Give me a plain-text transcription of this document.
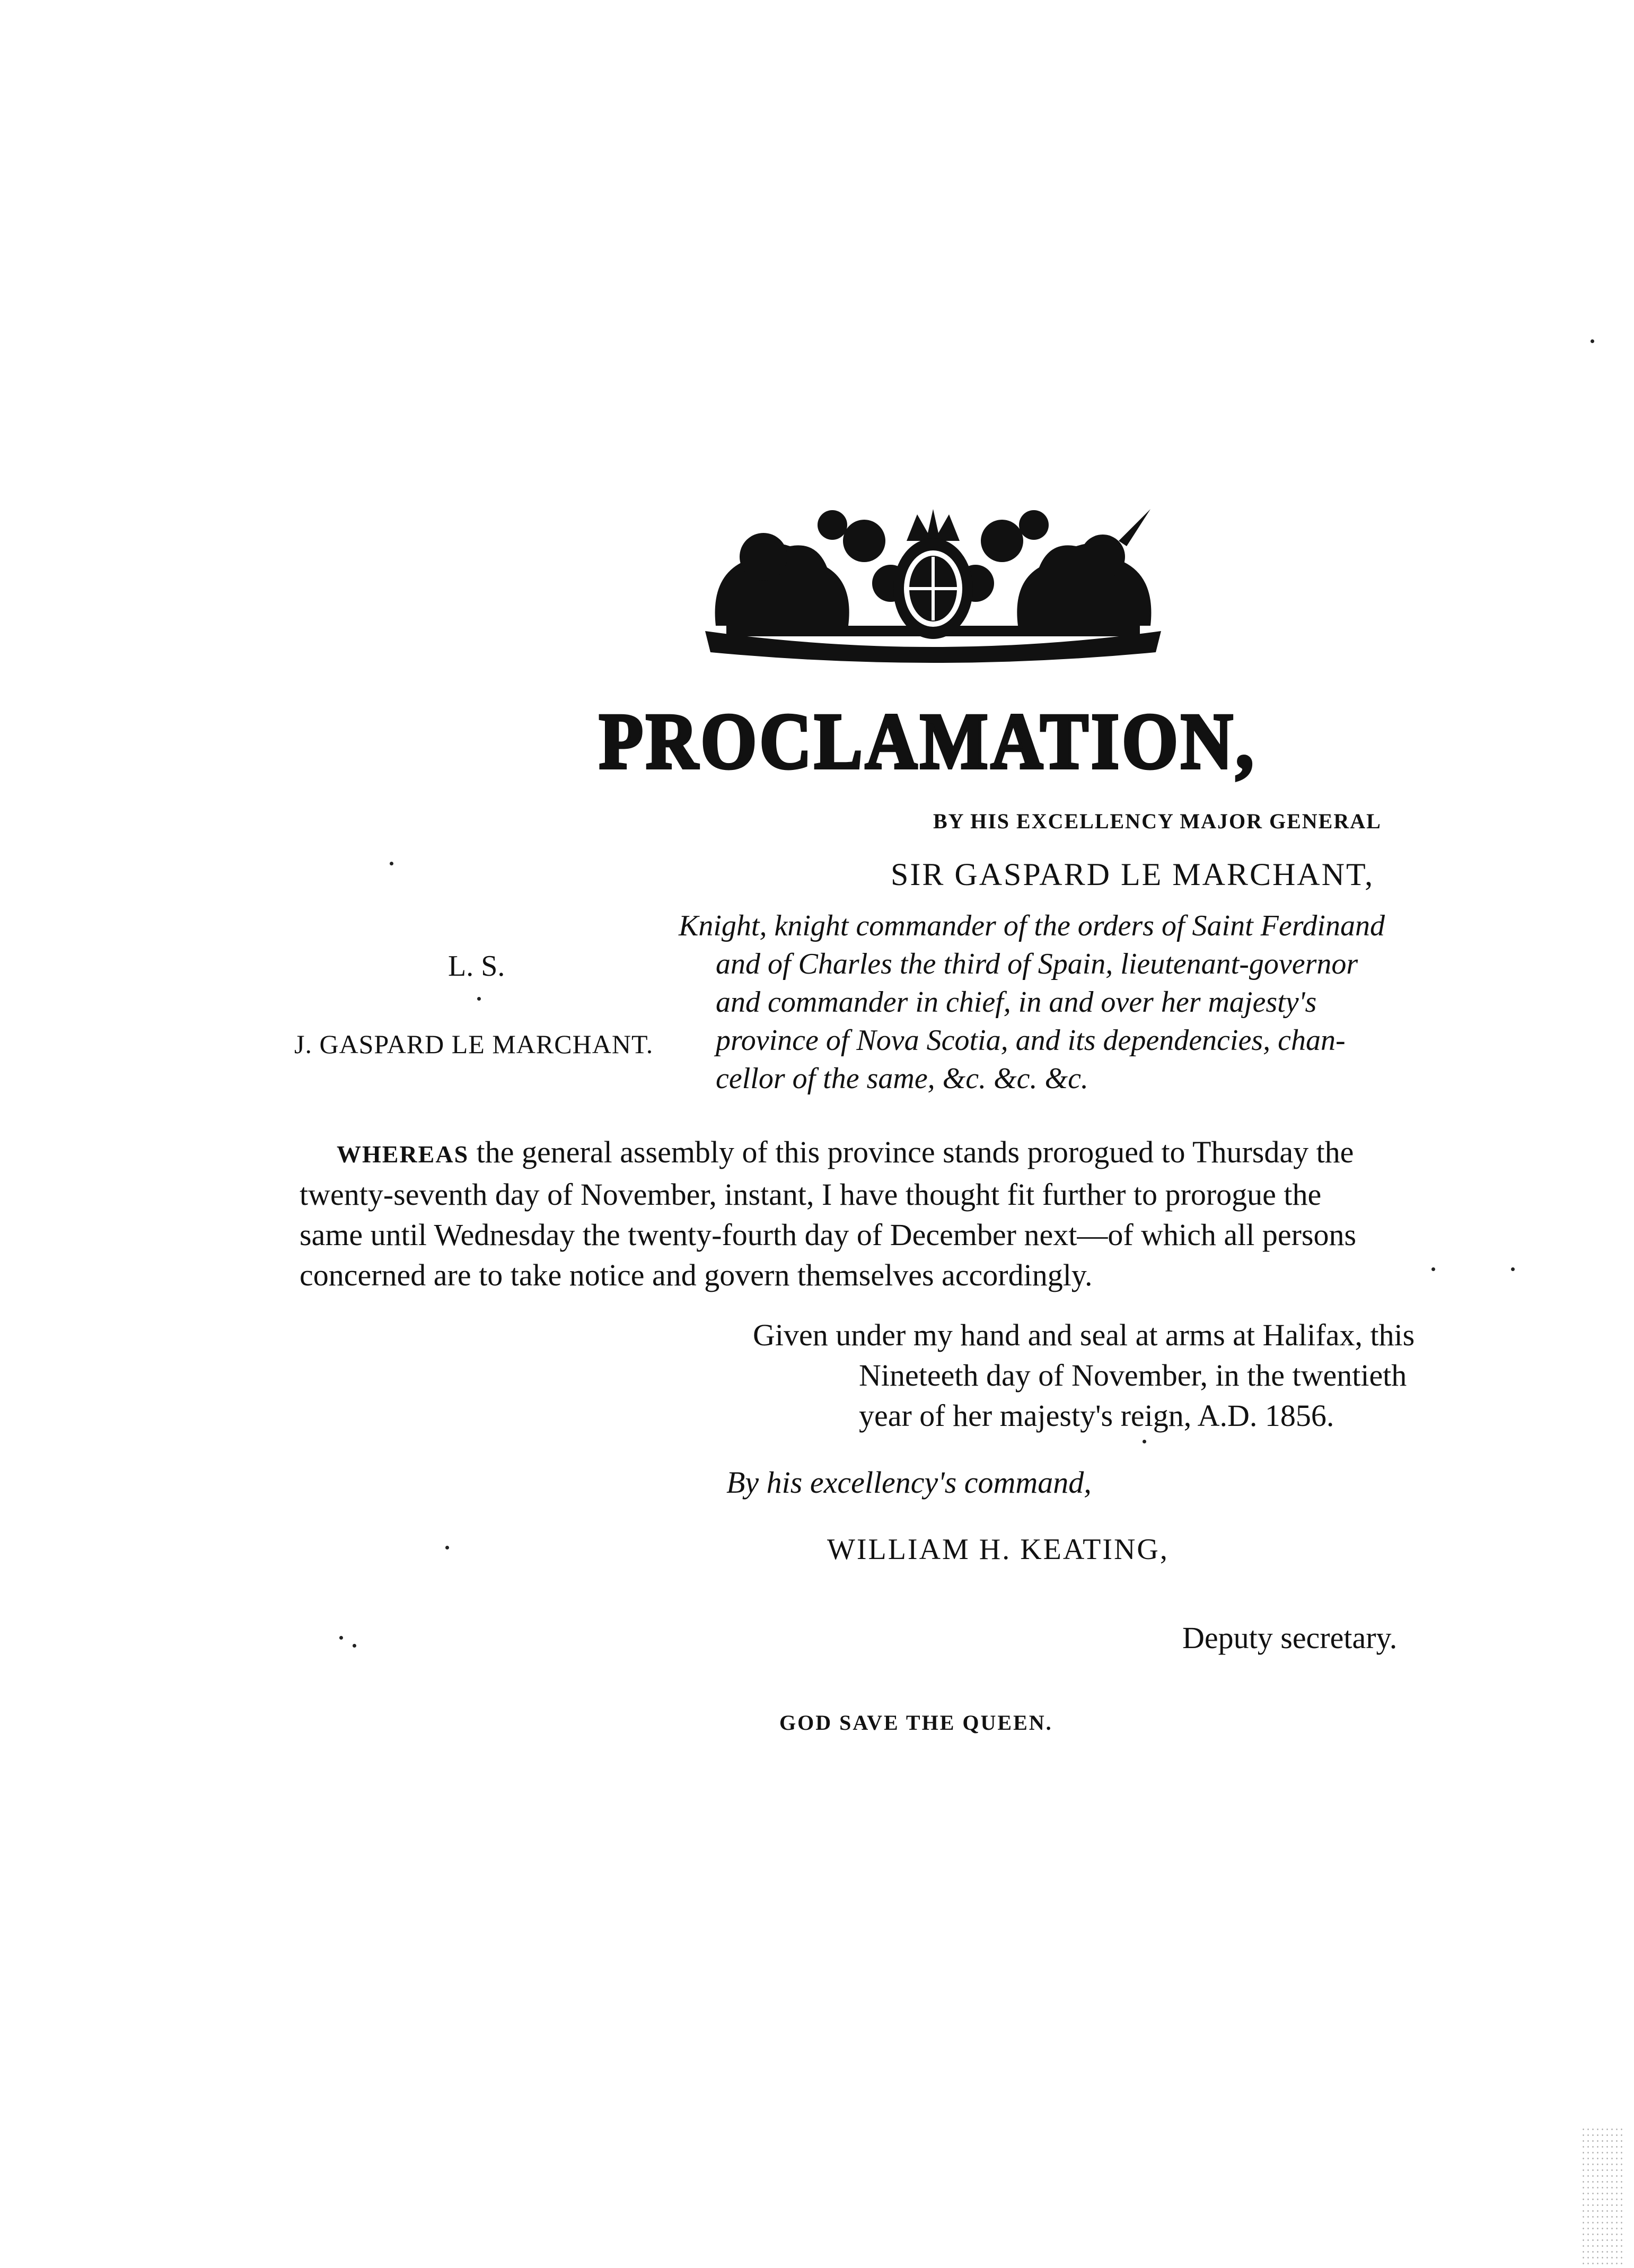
PROCLAMATION,
BY HIS EXCELLENCY MAJOR GENERAL
SIR GASPARD LE MARCHANT,
L. S.
J. GASPARD LE MARCHANT.
Knight, knight commander of the orders of Saint Ferdinand
and of Charles the third of Spain, lieutenant-governor
and commander in chief, in and over her majesty's
province of Nova Scotia, and its dependencies, chan-
cellor of the same, &c. &c. &c.
WHEREAS the general assembly of this province stands prorogued to Thursday the
twenty-seventh day of November, instant, I have thought fit further to prorogue the
same until Wednesday the twenty-fourth day of December next—of which all persons
concerned are to take notice and govern themselves accordingly.
Given under my hand and seal at arms at Halifax, this
Nineteeth day of November, in the twentieth
year of her majesty's reign, A.D. 1856.
By his excellency's command,
WILLIAM H. KEATING,
Deputy secretary.
GOD SAVE THE QUEEN.
